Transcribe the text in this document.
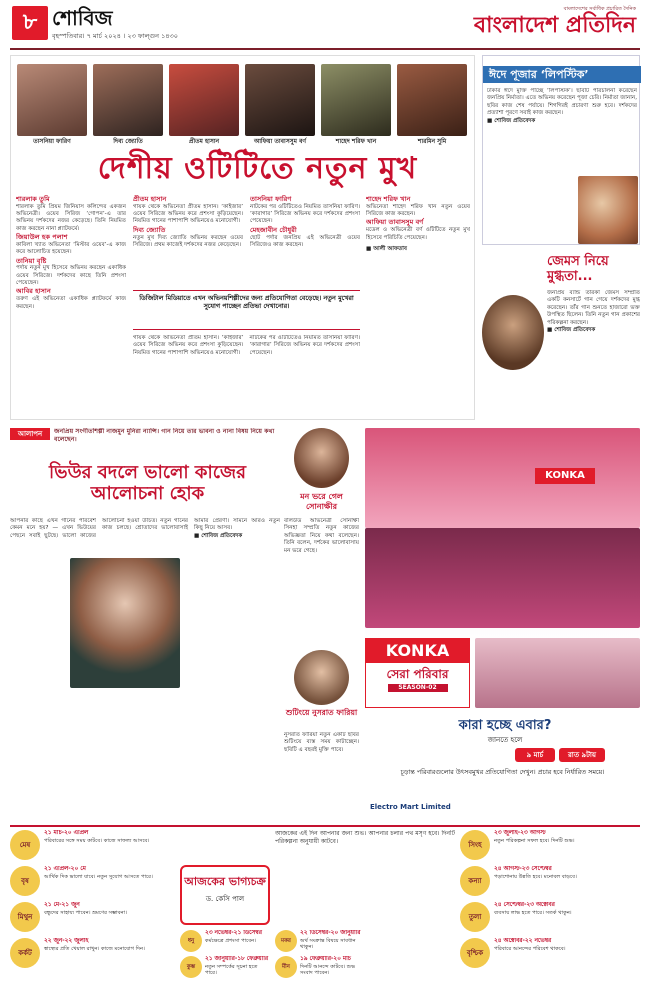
৮ শোবিজ
বৃহস্পতিবার। ৭ মার্চ ২০২৪ । ২৩ ফাল্গুন ১৪৩০
বাংলাদেশের সর্বাধিক প্রচারিত দৈনিক
বাংলাদেশ প্রতিদিন
তাসনিয়া ফারিণ	দিব্য জ্যোতি	প্রীতম হাসান	আফিয়া তাবাসসুম বর্ণ	শাহেদ শরিফ খান	শারমিন সুমি
দেশীয় ওটিটিতে নতুন মুখ
শারলাক তুমি
শারলাক তুমি প্রিয়ম জিনিয়াস কলিন্দের একজন অভিনেত্রী। ওয়েব সিরিজ ‘গোপন’-এ তার অভিনয় দর্শকদের নজর কেড়েছে। তিনি নিয়মিত কাজ করছেন নানা প্ল্যাটফর্মে।
জিয়াউল হক পলাশ
কাবিলা খ্যাত অভিনেতা ‘মিস্টার ওয়েব’-এ কাজ করে আলোচিত হয়েছেন।
তানিয়া বৃষ্টি
পর্দায় নতুন মুখ হিসেবে অভিনয় করছেন একাধিক ওয়েব সিরিজে। দর্শকদের কাছে তিনি প্রশংসা পেয়েছেন।
আবির হাসান
তরুণ এই অভিনেতা একাধিক প্ল্যাটফর্মে কাজ করছেন।
প্রীতম হাসান
গায়ক থেকে অভিনেতা প্রীতম হাসান। ‘কাইজার’ ওয়েব সিরিজে অভিনয় করে প্রশংসা কুড়িয়েছেন। নিয়মিত গানের পাশাপাশি অভিনয়েও মনোযোগী।
দিব্য জ্যোতি
নতুন মুখ দিব্য জ্যোতি অভিনয় করছেন ওয়েব সিরিজে। প্রথম কাজেই দর্শকদের নজর কেড়েছেন।
তাসনিয়া ফারিণ
নাটকের পর ওটিটিতেও নিয়মিত তাসনিয়া ফারিণ। ‘কারাগার’ সিরিজে অভিনয় করে দর্শকদের প্রশংসা পেয়েছেন।
মেহজাবীন চৌধুরী
ছোট পর্দার জনপ্রিয় এই অভিনেত্রী ওয়েব সিরিজেও কাজ করছেন।
শাহেদ শরিফ খান
অভিনেতা শাহেদ শরিফ খান নতুন ওয়েব সিরিজে কাজ করছেন।
আফিয়া তাবাসসুম বর্ণ
মডেল ও অভিনেত্রী বর্ণ ওটিটিতে নতুন মুখ হিসেবে পরিচিতি পেয়েছেন।
■ আলী আফতাব
ডিজিটাল মিডিয়াতে এখন অভিনয়শিল্পীদের জন্য প্রতিযোগিতা বেড়েছে। নতুন মুখেরা সুযোগ পাচ্ছেন প্রতিভা দেখানোর।
গায়ক থেকে অভিনেতা প্রীতম হাসান। ‘কাইজার’ ওয়েব সিরিজে অভিনয় করে প্রশংসা কুড়িয়েছেন। নিয়মিত গানের পাশাপাশি অভিনয়েও মনোযোগী।
নাটকের পর ওটিটিতেও নিয়মিত তাসনিয়া ফারিণ। ‘কারাগার’ সিরিজে অভিনয় করে দর্শকদের প্রশংসা পেয়েছেন।
ঈদে পূজার ‘লিপস্টিক’
ঢাকার ঈদে মুক্তি পাচ্ছে ‘লিপস্টিক’। ছবিটি পরিচালনা করেছেন জনপ্রিয় নির্মাতা। এতে অভিনয় করেছেন পূজা চেরি। নির্মাতা জানান, ছবির কাজ শেষ পর্যায়ে। শিগগিরই প্রচারণা শুরু হবে। দর্শকদের প্রত্যাশা পূরণে সবাই কাজ করছেন।
■ শোবিজ প্রতিবেদক
জেমস নিয়ে মুগ্ধতা...
জনপ্রিয় ব্যান্ড তারকা জেমস সম্প্রতি একটি কনসার্টে গান গেয়ে দর্শকদের মুগ্ধ করেছেন। তাঁর গান শুনতে হাজারো ভক্ত উপস্থিত ছিলেন। তিনি নতুন গান প্রকাশের পরিকল্পনা করছেন।
■ শোবিজ প্রতিবেদক
আলাপন	জনপ্রিয় সংগীতশিল্পী নাজমুন মুনিরা ন্যান্সি। গান নিয়ে তার ভাবনা ও নানা বিষয় নিয়ে কথা বলেছেন।
ভিউর বদলে ভালো কাজের আলোচনা হোক
আপনার কাছে এখন গানের পরিবেশ কেমন মনে হয়? — এখন ভিউয়ের পেছনে সবাই ছুটছে। ভালো কাজের আলোচনা হওয়া উচিত। নতুন গানের কাজ চলছে। শ্রোতাদের ভালোবাসাই আমার প্রেরণা। সামনে আরও নতুন কিছু নিয়ে আসব।
■ শোবিজ প্রতিবেদক
মন ভরে গেল সোনাক্ষীর
বলিউড অভিনেত্রী সোনাক্ষী সিনহা সম্প্রতি নতুন কাজের অভিজ্ঞতা নিয়ে কথা বলেছেন। তিনি বলেন, দর্শকের ভালোবাসায় মন ভরে গেছে।
শুটিংয়ে নুসরাত ফারিয়া
নুসরাত ফারিয়া নতুন একটি ছবির শুটিংয়ে ব্যস্ত সময় কাটাচ্ছেন। ছবিটি এ বছরই মুক্তি পাবে।
KONKA
KONKA
সেরা পরিবার
SEASON-02
কারা হচ্ছে এবার?
জানতে হলে
৯ মার্চ	রাত ৯টায়
চূড়ান্ত পরিবারগুলোর উৎসবমুখর প্রতিযোগিতা দেখুন। প্রচার হবে নির্ধারিত সময়ে।
Electro Mart Limited
আজকের ভাগ্যচক্র
ড. কেসি পাল
আজকের এই দিন আপনার জন্য শুভ। আপনার চলার পথ মসৃণ হবে। দিনটি পরিকল্পনা অনুযায়ী কাটবে।
মেষ
২১ মার্চ-২০ এপ্রিল
পরিবারের সঙ্গে সময় কাটবে। কাজে সাফল্য আসবে।
বৃষ
২১ এপ্রিল-২০ মে
আর্থিক দিক ভালো যাবে। নতুন সুযোগ আসতে পারে।
মিথুন
২১ মে-২১ জুন
বন্ধুদের সাহায্য পাবেন। ভ্রমণের সম্ভাবনা।
কর্কট
২২ জুন-২২ জুলাই
স্বাস্থ্যের প্রতি খেয়াল রাখুন। কাজে মনোযোগ দিন।
সিংহ
২৩ জুলাই-২৩ আগস্ট
নতুন পরিকল্পনা সফল হবে। দিনটি শুভ।
কন্যা
২৪ আগস্ট-২৩ সেপ্টেম্বর
পড়াশোনায় উন্নতি হবে। মনোবল বাড়বে।
তুলা
২৪ সেপ্টেম্বর-২৩ অক্টোবর
ব্যবসায় লাভ হতে পারে। সতর্ক থাকুন।
বৃশ্চিক
২৪ অক্টোবর-২২ নভেম্বর
পরিবারে আনন্দের পরিবেশ থাকবে।
ধনু
২৩ নভেম্বর-২১ ডিসেম্বর
কর্মক্ষেত্রে প্রশংসা পাবেন।	মকর
২২ ডিসেম্বর-২০ জানুয়ারি
অর্থ সংক্রান্ত বিষয়ে সাবধান থাকুন।
কুম্ভ
২১ জানুয়ারি-১৮ ফেব্রুয়ারি
নতুন সম্পর্কের সূচনা হতে পারে।
মীন
১৯ ফেব্রুয়ারি-২০ মার্চ
দিনটি আনন্দে কাটবে। শুভ সংবাদ পাবেন।
